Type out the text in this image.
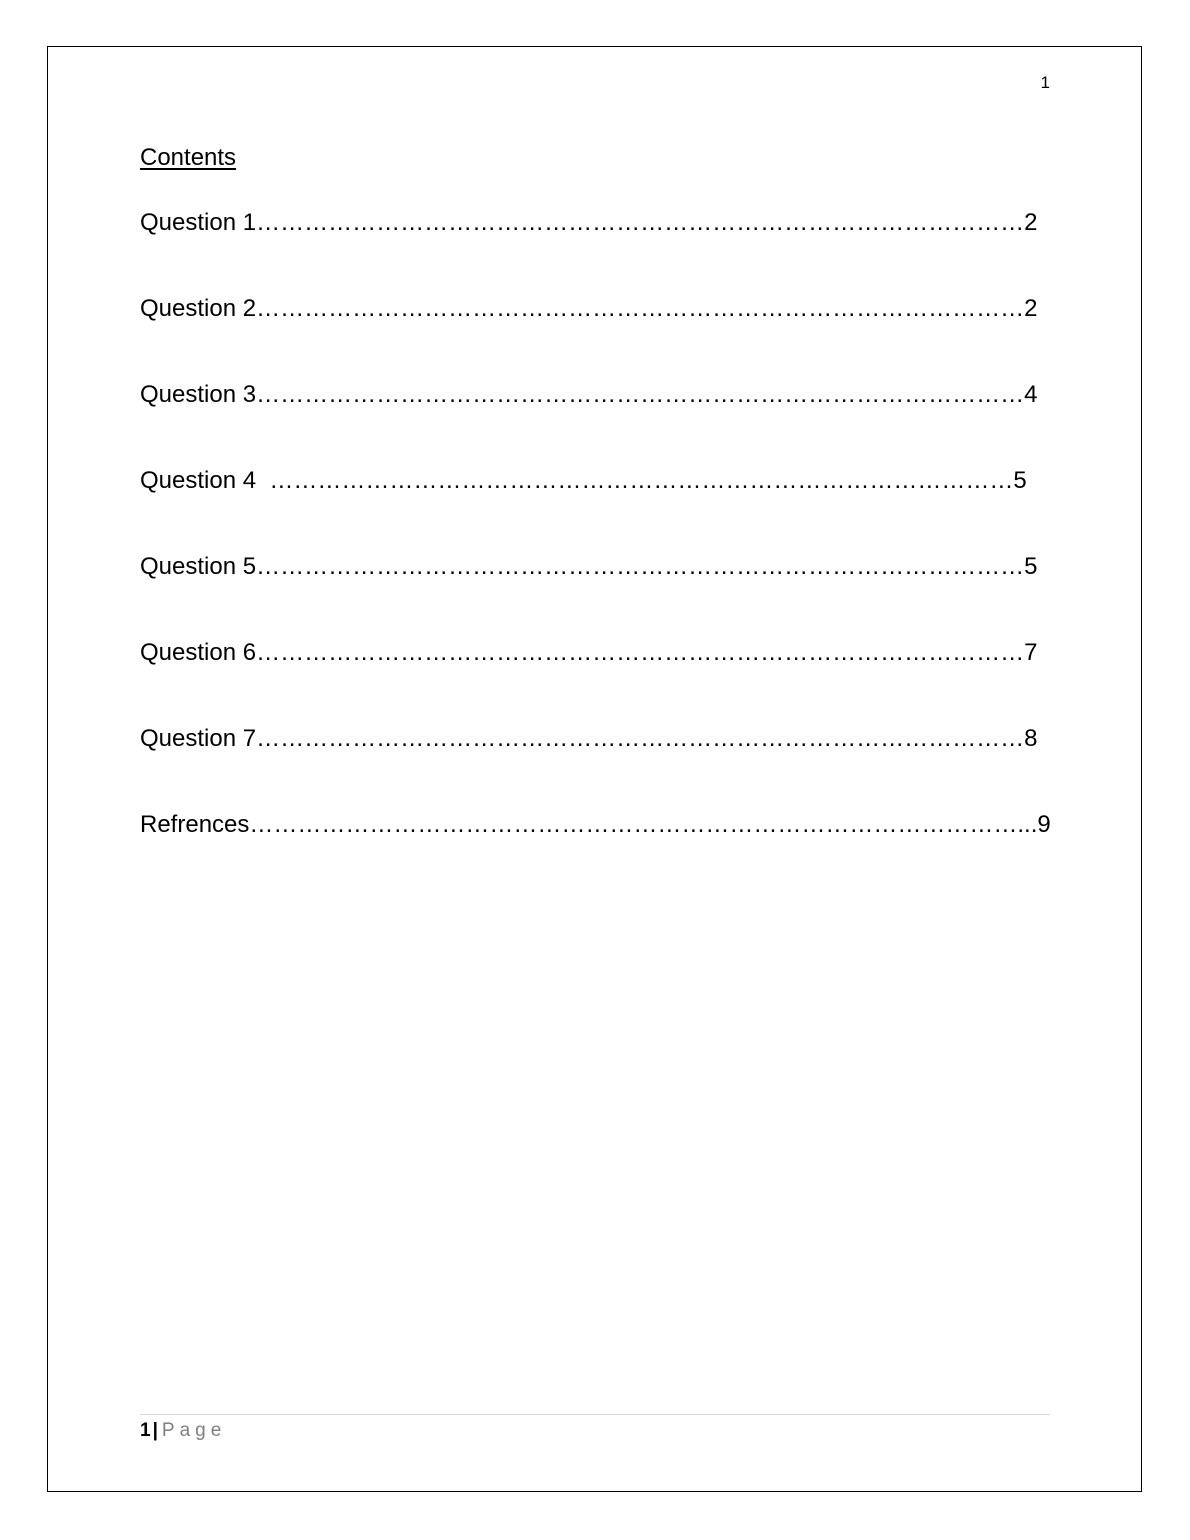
1
Contents
Question 1……………………………………………………………………………………2
Question 2……………………………………………………………………………………2
Question 3……………………………………………………………………………………4
Question 4  …………………………………………………………………………………5
Question 5……………………………………………………………………………………5
Question 6……………………………………………………………………………………7
Question 7……………………………………………………………………………………8
Refrences……………………………………………………………………………………...9
1 | Page
